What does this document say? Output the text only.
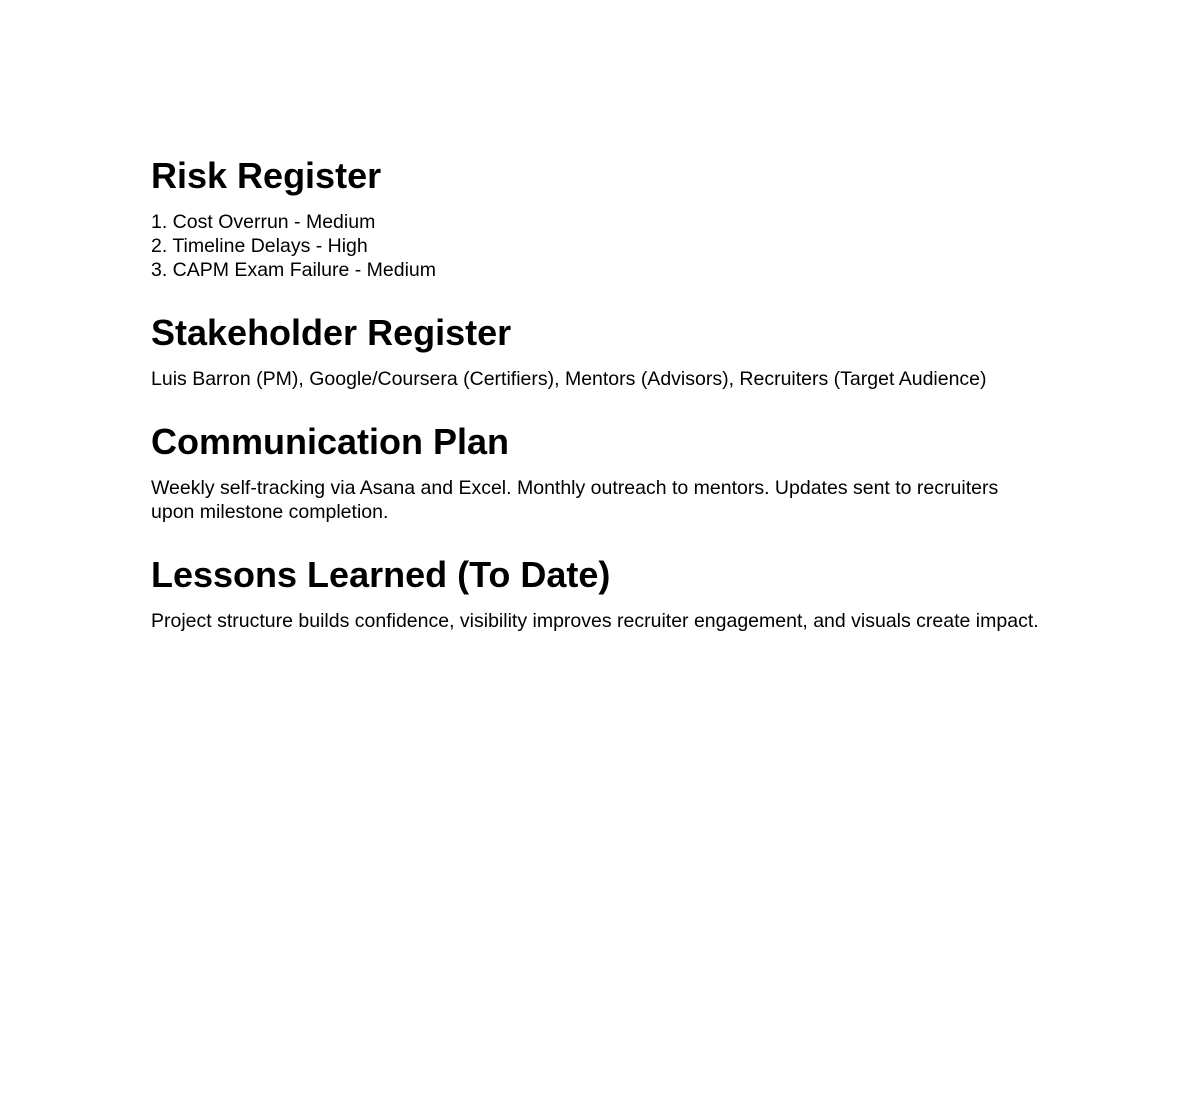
Risk Register
1. Cost Overrun - Medium
2. Timeline Delays - High
3. CAPM Exam Failure - Medium
Stakeholder Register
Luis Barron (PM), Google/Coursera (Certifiers), Mentors (Advisors), Recruiters (Target Audience)
Communication Plan
Weekly self-tracking via Asana and Excel. Monthly outreach to mentors. Updates sent to recruiters
upon milestone completion.
Lessons Learned (To Date)
Project structure builds confidence, visibility improves recruiter engagement, and visuals create impact.
